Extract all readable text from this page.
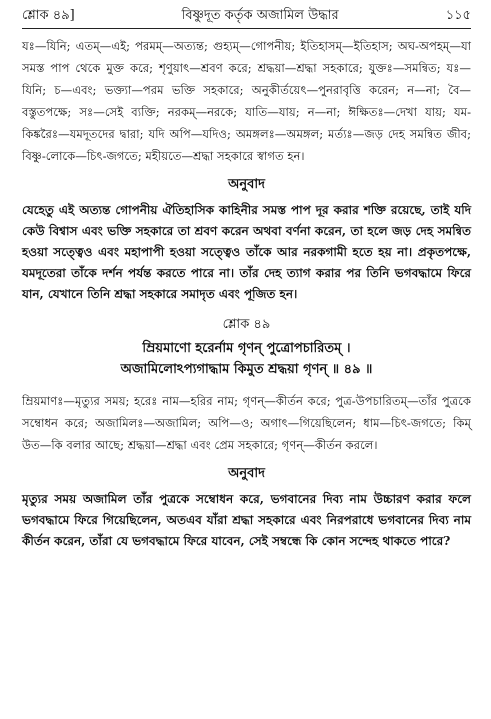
শ্লোক ৪৯]	বিষ্ণুদূত কর্তৃক অজামিল উদ্ধার	১১৫

যঃ—যিনি; এতম্—এই; পরমম্—অত্যন্ত; গুহ্যম্—গোপনীয়; ইতিহাসম্—ইতিহাস; অঘ-অপহম্—যা সমস্ত পাপ থেকে মুক্ত করে; শৃণুয়াৎ—শ্রবণ করে; শ্রদ্ধয়া—শ্রদ্ধা সহকারে; যুক্তঃ—সমন্বিত; যঃ—যিনি; চ—এবং; ভক্ত্যা—পরম ভক্তি সহকারে; অনুকীর্তয়েৎ—পুনরাবৃত্তি করেন; ন—না; বৈ—বস্তুতপক্ষে; সঃ—সেই ব্যক্তি; নরকম্—নরকে; যাতি—যায়; ন—না; ঈক্ষিতঃ—দেখা যায়; যম-কিঙ্করৈঃ—যমদূতদের দ্বারা; যদি অপি—যদিও; অমঙ্গলঃ—অমঙ্গল; মর্ত্যঃ—জড় দেহ সমন্বিত জীব; বিষ্ণু-লোকে—চিৎ-জগতে; মহীয়তে—শ্রদ্ধা সহকারে স্বাগত হন।

অনুবাদ

যেহেতু এই অত্যন্ত গোপনীয় ঐতিহাসিক কাহিনীর সমস্ত পাপ দূর করার শক্তি রয়েছে, তাই যদি কেউ বিশ্বাস এবং ভক্তি সহকারে তা শ্রবণ করেন অথবা বর্ণনা করেন, তা হলে জড় দেহ সমন্বিত হওয়া সত্ত্বেও এবং মহাপাপী হওয়া সত্ত্বেও তাঁকে আর নরকগামী হতে হয় না। প্রকৃতপক্ষে, যমদূতেরা তাঁকে দর্শন পর্যন্ত করতে পারে না। তাঁর দেহ ত্যাগ করার পর তিনি ভগবদ্ধামে ফিরে যান, যেখানে তিনি শ্রদ্ধা সহকারে সমাদৃত এবং পূজিত হন।

শ্লোক ৪৯

ম্রিয়মাণো হরের্নাম গৃণন্ পুত্রোপচারিতম্ ।

অজামিলোঽপ্যগাদ্ধাম কিমুত শ্রদ্ধয়া গৃণন্ ॥ ৪৯ ॥

ম্রিয়মাণঃ—মৃত্যুর সময়; হরেঃ নাম—হরির নাম; গৃণন্—কীর্তন করে; পুত্র-উপচারিতম্—তাঁর পুত্রকে সম্বোধন করে; অজামিলঃ—অজামিল; অপি—ও; অগাৎ—গিয়েছিলেন; ধাম—চিৎ-জগতে; কিম্ উত—কি বলার আছে; শ্রদ্ধয়া—শ্রদ্ধা এবং প্রেম সহকারে; গৃণন্—কীর্তন করলে।

অনুবাদ

মৃত্যুর সময় অজামিল তাঁর পুত্রকে সম্বোধন করে, ভগবানের দিব্য নাম উচ্চারণ করার ফলে ভগবদ্ধামে ফিরে গিয়েছিলেন, অতএব যাঁরা শ্রদ্ধা সহকারে এবং নিরপরাধে ভগবানের দিব্য নাম কীর্তন করেন, তাঁরা যে ভগবদ্ধামে ফিরে যাবেন, সেই সম্বন্ধে কি কোন সন্দেহ থাকতে পারে?
